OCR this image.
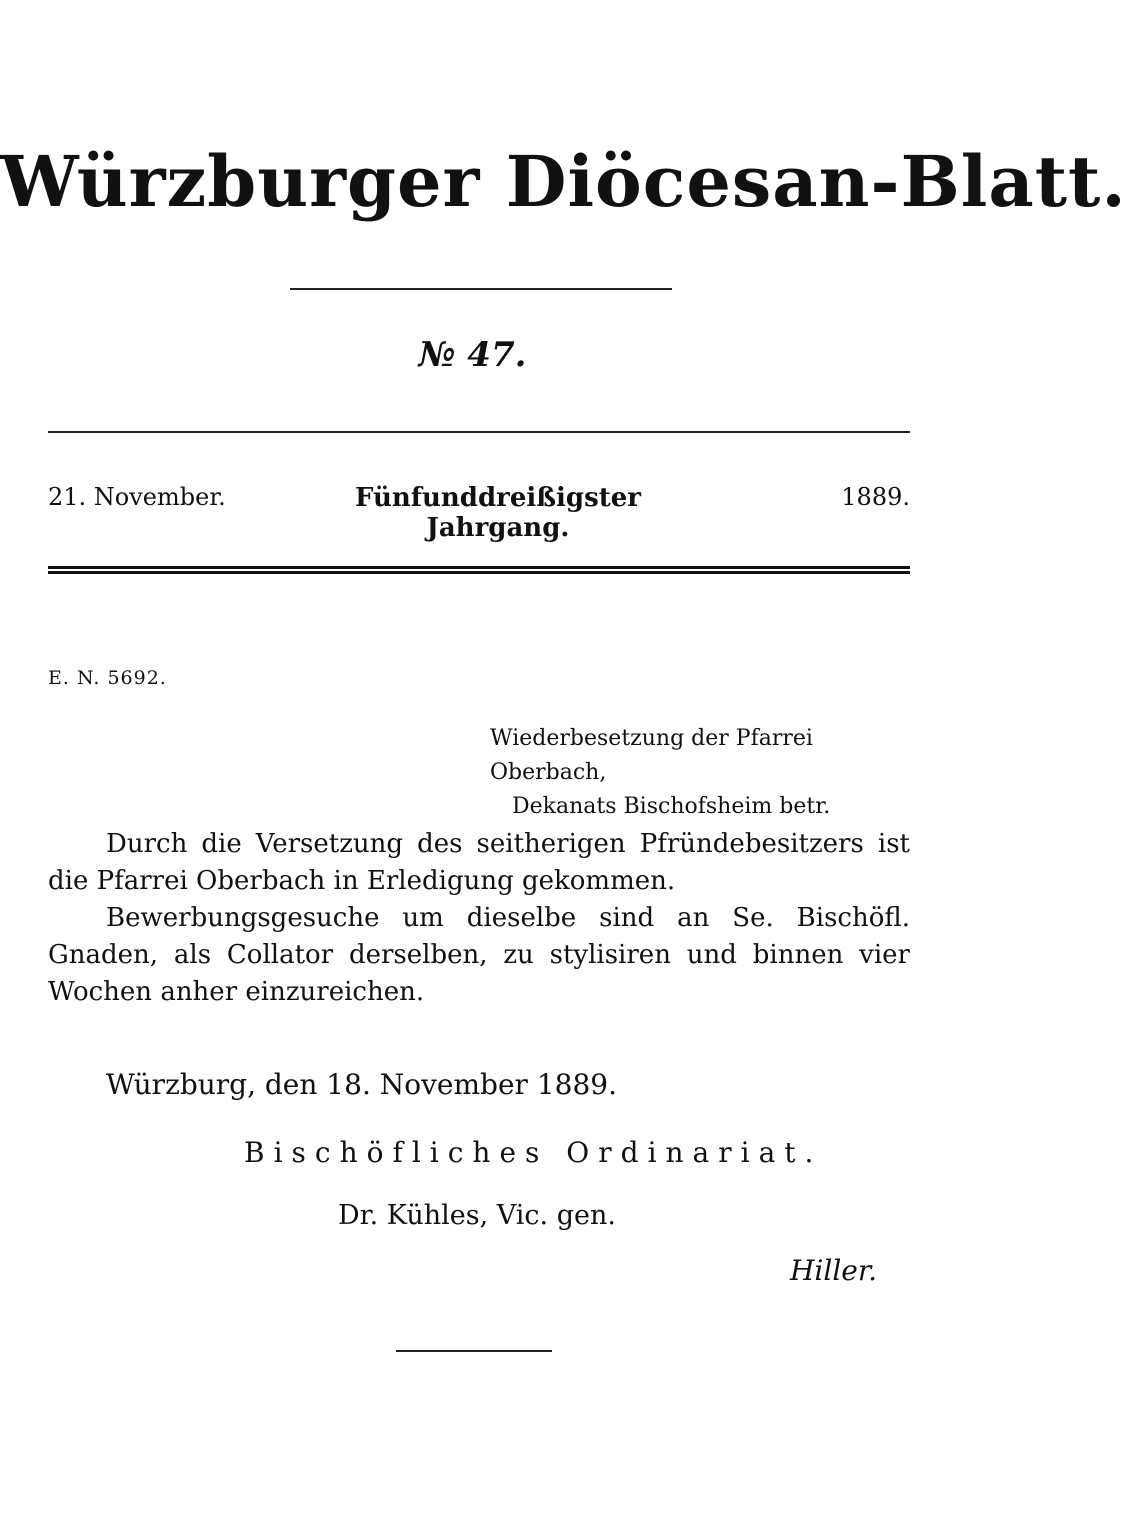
Würzburger Diöcesan-Blatt.
№ 47.
21. November.	Fünfunddreißigster Jahrgang.
1889.
E. N. 5692.
Wiederbesetzung der Pfarrei Oberbach,
Dekanats Bischofsheim betr.

Durch die Versetzung des seitherigen Pfründebesitzers ist die Pfarrei Oberbach in Erledigung gekommen.

Bewerbungsgesuche um dieselbe sind an Se. Bischöfl. Gnaden, als Collator derselben, zu stylisiren und binnen vier Wochen anher einzureichen.

Würzburg, den 18. November 1889.
Bischöfliches Ordinariat.
Dr. Kühles, Vic. gen.
Hiller.
